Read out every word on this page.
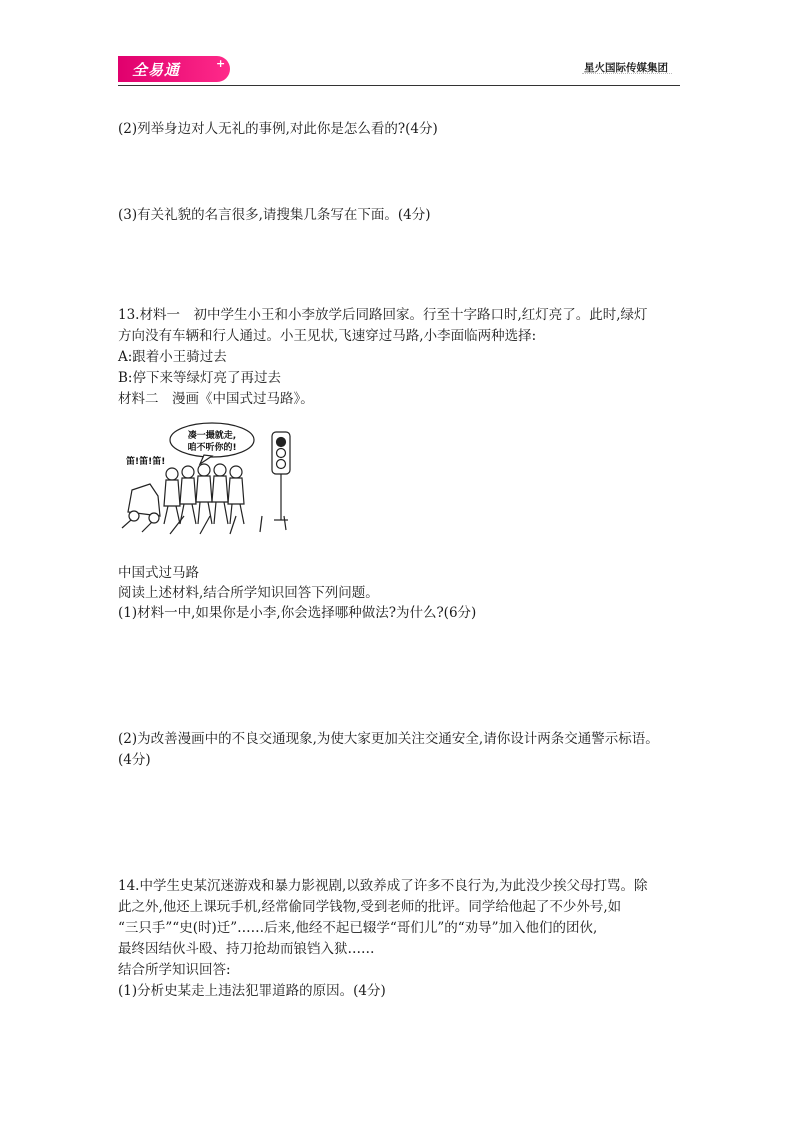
全易通	+	星火国际传媒集团
(2)列举身边对人无礼的事例,对此你是怎么看的?(4分)
(3)有关礼貌的名言很多,请搜集几条写在下面。(4分)
13.材料一　初中学生小王和小李放学后同路回家。行至十字路口时,红灯亮了。此时,绿灯
方向没有车辆和行人通过。小王见状,飞速穿过马路,小李面临两种选择:
A:跟着小王骑过去
B:停下来等绿灯亮了再过去
材料二　漫画《中国式过马路》。
笛!笛!笛!
凑一撮就走,
咱不听你的!
中国式过马路
阅读上述材料,结合所学知识回答下列问题。
(1)材料一中,如果你是小李,你会选择哪种做法?为什么?(6分)
(2)为改善漫画中的不良交通现象,为使大家更加关注交通安全,请你设计两条交通警示标语。
(4分)
14.中学生史某沉迷游戏和暴力影视剧,以致养成了许多不良行为,为此没少挨父母打骂。除
此之外,他还上课玩手机,经常偷同学钱物,受到老师的批评。同学给他起了不少外号,如
“三只手”“史(时)迁”……后来,他经不起已辍学“哥们儿”的“劝导”加入他们的团伙,
最终因结伙斗殴、持刀抢劫而锒铛入狱……
结合所学知识回答:
(1)分析史某走上违法犯罪道路的原因。(4分)
